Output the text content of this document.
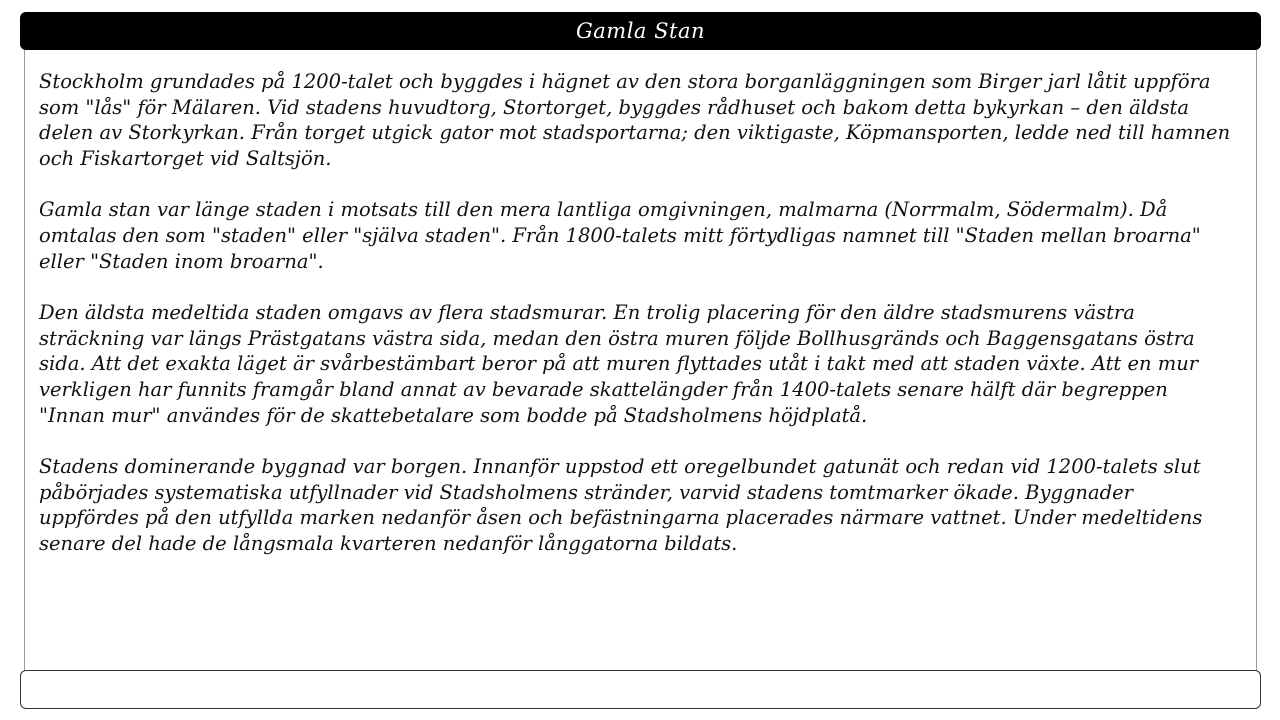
Gamla Stan

Stockholm grundades på 1200-talet och byggdes i hägnet av den stora borganläggningen som Birger jarl låtit uppföra som "lås" för Mälaren. Vid stadens huvudtorg, Stortorget, byggdes rådhuset och bakom detta bykyrkan – den äldsta delen av Storkyrkan. Från torget utgick gator mot stadsportarna; den viktigaste, Köpmansporten, ledde ned till hamnen och Fiskartorget vid Saltsjön.

Gamla stan var länge staden i motsats till den mera lantliga omgivningen, malmarna (Norrmalm, Södermalm). Då omtalas den som "staden" eller "själva staden". Från 1800-talets mitt förtydligas namnet till "Staden mellan broarna" eller "Staden inom broarna".

Den äldsta medeltida staden omgavs av flera stadsmurar. En trolig placering för den äldre stadsmurens västra sträckning var längs Prästgatans västra sida, medan den östra muren följde Bollhusgränds och Baggensgatans östra sida. Att det exakta läget är svårbestämbart beror på att muren flyttades utåt i takt med att staden växte. Att en mur verkligen har funnits framgår bland annat av bevarade skattelängder från 1400-talets senare hälft där begreppen "Innan mur" användes för de skattebetalare som bodde på Stadsholmens höjdplatå.

Stadens dominerande byggnad var borgen. Innanför uppstod ett oregelbundet gatunät och redan vid 1200-talets slut påbörjades systematiska utfyllnader vid Stadsholmens stränder, varvid stadens tomtmarker ökade. Byggnader uppfördes på den utfyllda marken nedanför åsen och befästningarna placerades närmare vattnet. Under medeltidens senare del hade de långsmala kvarteren nedanför långgatorna bildats.
